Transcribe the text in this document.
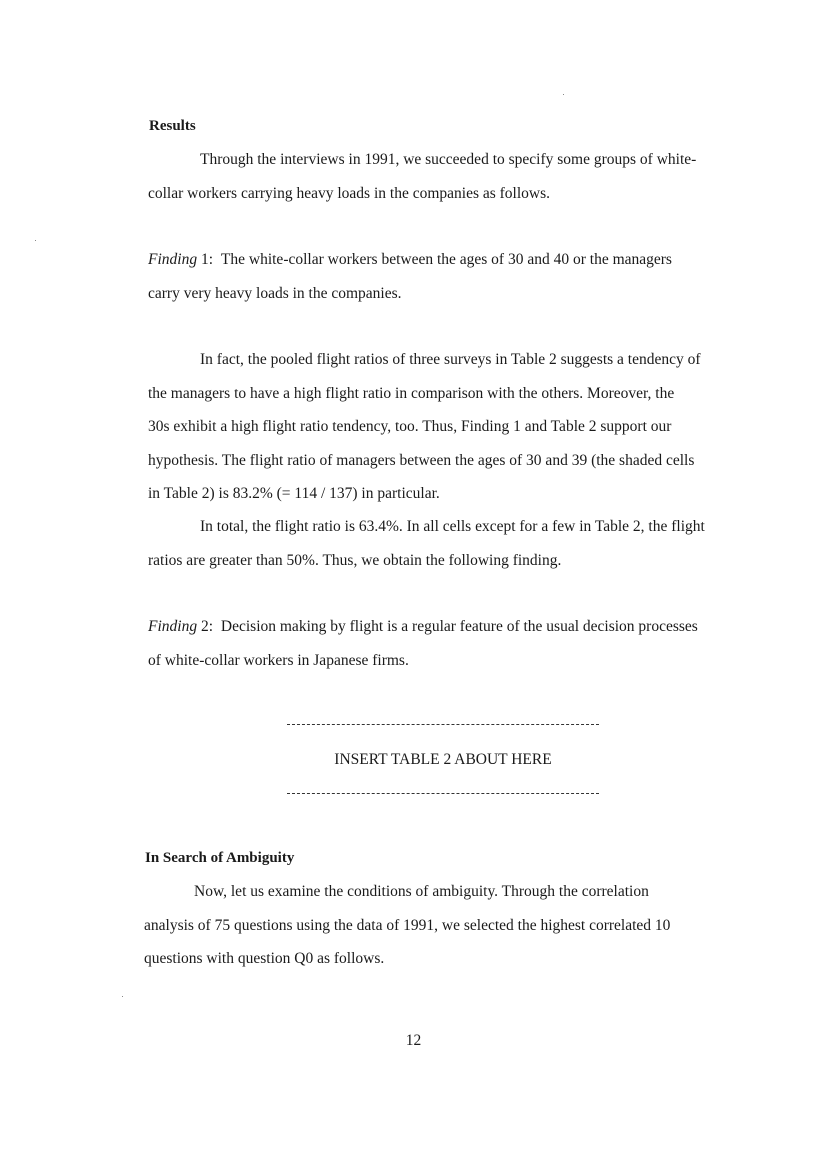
Results
Through the interviews in 1991, we succeeded to specify some groups of white-
collar workers carrying heavy loads in the companies as follows.
Finding 1: The white-collar workers between the ages of 30 and 40 or the managers
carry very heavy loads in the companies.
In fact, the pooled flight ratios of three surveys in Table 2 suggests a tendency of
the managers to have a high flight ratio in comparison with the others. Moreover, the
30s exhibit a high flight ratio tendency, too. Thus, Finding 1 and Table 2 support our
hypothesis. The flight ratio of managers between the ages of 30 and 39 (the shaded cells
in Table 2) is 83.2% (= 114 / 137) in particular.
In total, the flight ratio is 63.4%. In all cells except for a few in Table 2, the flight
ratios are greater than 50%. Thus, we obtain the following finding.
Finding 2: Decision making by flight is a regular feature of the usual decision processes
of white-collar workers in Japanese firms.
INSERT TABLE 2 ABOUT HERE
In Search of Ambiguity
Now, let us examine the conditions of ambiguity. Through the correlation
analysis of 75 questions using the data of 1991, we selected the highest correlated 10
questions with question Q0 as follows.
12
